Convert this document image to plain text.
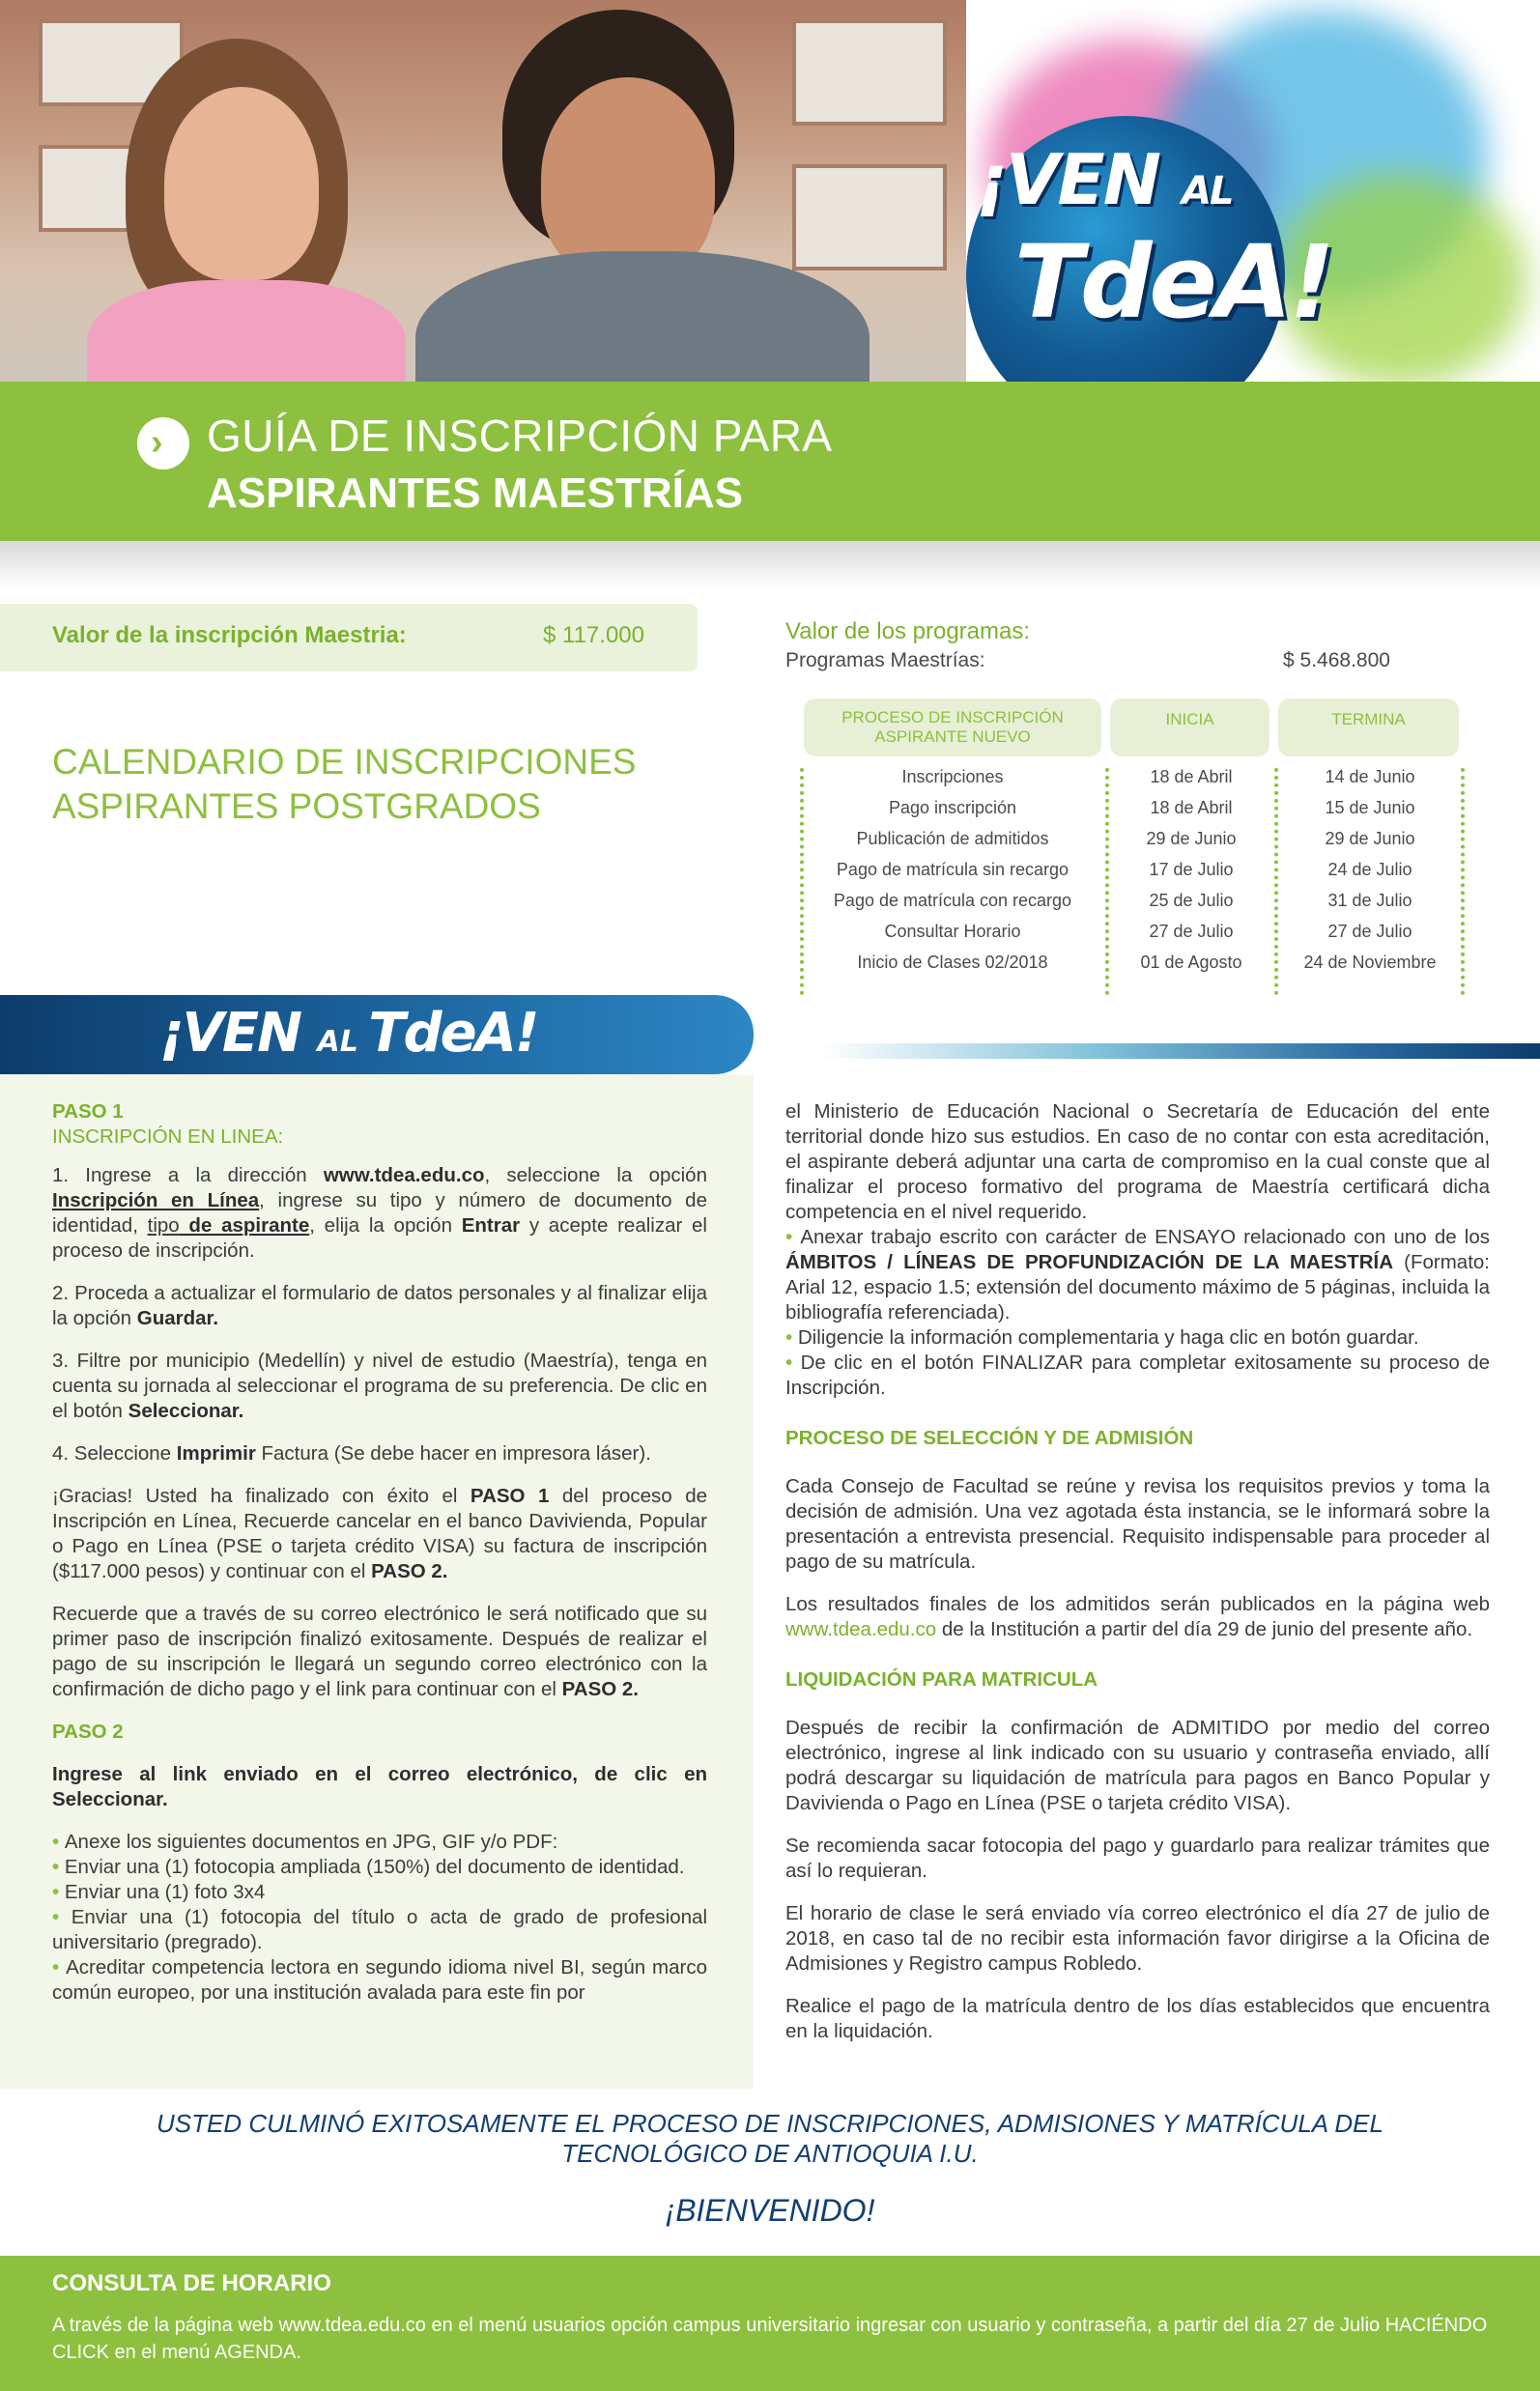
¡VEN AL
TdeA!
› GUÍA DE INSCRIPCIÓN PARA
ASPIRANTES MAESTRÍAS
Valor de la inscripción Maestria:	$ 117.000	Valor de los programas:
Programas Maestrías:	$ 5.468.800
CALENDARIO DE INSCRIPCIONES
ASPIRANTES POSTGRADOS
PROCESO DE INSCRIPCIÓN
ASPIRANTE NUEVO
INICIA	TERMINA
Inscripciones	18 de Abril	14 de Junio
Pago inscripción	18 de Abril	15 de Junio
Publicación de admitidos	29 de Junio	29 de Junio
Pago de matrícula sin recargo	17 de Julio	24 de Julio
Pago de matrícula con recargo	25 de Julio	31 de Julio
Consultar Horario	27 de Julio	27 de Julio
Inicio de Clases 02/2018	01 de Agosto	24 de Noviembre
¡VEN AL TdeA!

PASO 1

INSCRIPCIÓN EN LINEA:

1. Ingrese a la dirección www.tdea.edu.co, seleccione la opción Inscripción en Línea, ingrese su tipo y número de documento de identidad, tipo de aspirante, elija la opción Entrar y acepte realizar el proceso de inscripción.

2. Proceda a actualizar el formulario de datos personales y al finalizar elija la opción Guardar.

3. Filtre por municipio (Medellín) y nivel de estudio (Maestría), tenga en cuenta su jornada al seleccionar el programa de su preferencia. De clic en el botón Seleccionar.

4. Seleccione Imprimir Factura (Se debe hacer en impresora láser).

¡Gracias! Usted ha finalizado con éxito el PASO 1 del proceso de Inscripción en Línea, Recuerde cancelar en el banco Davivienda, Popular o Pago en Línea (PSE o tarjeta crédito VISA) su factura de inscripción ($117.000 pesos) y continuar con el PASO 2.

Recuerde que a través de su correo electrónico le será notificado que su primer paso de inscripción finalizó exitosamente. Después de realizar el pago de su inscripción le llegará un segundo correo electrónico con la confirmación de dicho pago y el link para continuar con el PASO 2.

PASO 2

Ingrese al link enviado en el correo electrónico, de clic en Seleccionar.

• Anexe los siguientes documentos en JPG, GIF y/o PDF:

• Enviar una (1) fotocopia ampliada (150%) del documento de identidad.

• Enviar una (1) foto 3x4

• Enviar una (1) fotocopia del título o acta de grado de profesional universitario (pregrado).

• Acreditar competencia lectora en segundo idioma nivel BI, según marco común europeo, por una institución avalada para este fin por

el Ministerio de Educación Nacional o Secretaría de Educación del ente territorial donde hizo sus estudios. En caso de no contar con esta acreditación, el aspirante deberá adjuntar una carta de compromiso en la cual conste que al finalizar el proceso formativo del programa de Maestría certificará dicha competencia en el nivel requerido.

• Anexar trabajo escrito con carácter de ENSAYO relacionado con uno de los ÁMBITOS / LÍNEAS DE PROFUNDIZACIÓN DE LA MAESTRÍA (Formato: Arial 12, espacio 1.5; extensión del documento máximo de 5 páginas, incluida la bibliografía referenciada).

• Diligencie la información complementaria y haga clic en botón guardar.

• De clic en el botón FINALIZAR para completar exitosamente su proceso de Inscripción.

PROCESO DE SELECCIÓN Y DE ADMISIÓN

Cada Consejo de Facultad se reúne y revisa los requisitos previos y toma la decisión de admisión. Una vez agotada ésta instancia, se le informará sobre la presentación a entrevista presencial. Requisito indispensable para proceder al pago de su matrícula.

Los resultados finales de los admitidos serán publicados en la página web www.tdea.edu.co de la Institución a partir del día 29 de junio del presente año.

LIQUIDACIÓN PARA MATRICULA

Después de recibir la confirmación de ADMITIDO por medio del correo electrónico, ingrese al link indicado con su usuario y contraseña enviado, allí podrá descargar su liquidación de matrícula para pagos en Banco Popular y Davivienda o Pago en Línea (PSE o tarjeta crédito VISA).

Se recomienda sacar fotocopia del pago y guardarlo para realizar trámites que así lo requieran.

El horario de clase le será enviado vía correo electrónico el día 27 de julio de 2018, en caso tal de no recibir esta información favor dirigirse a la Oficina de Admisiones y Registro campus Robledo.

Realice el pago de la matrícula dentro de los días establecidos que encuentra en la liquidación.

USTED CULMINÓ EXITOSAMENTE EL PROCESO DE INSCRIPCIONES, ADMISIONES Y MATRÍCULA DEL
TECNOLÓGICO DE ANTIOQUIA I.U.
¡BIENVENIDO!
CONSULTA DE HORARIO
A través de la página web www.tdea.edu.co en el menú usuarios opción campus universitario ingresar con usuario y contraseña, a partir del día 27 de Julio HACIÉNDO CLICK en el menú AGENDA.
